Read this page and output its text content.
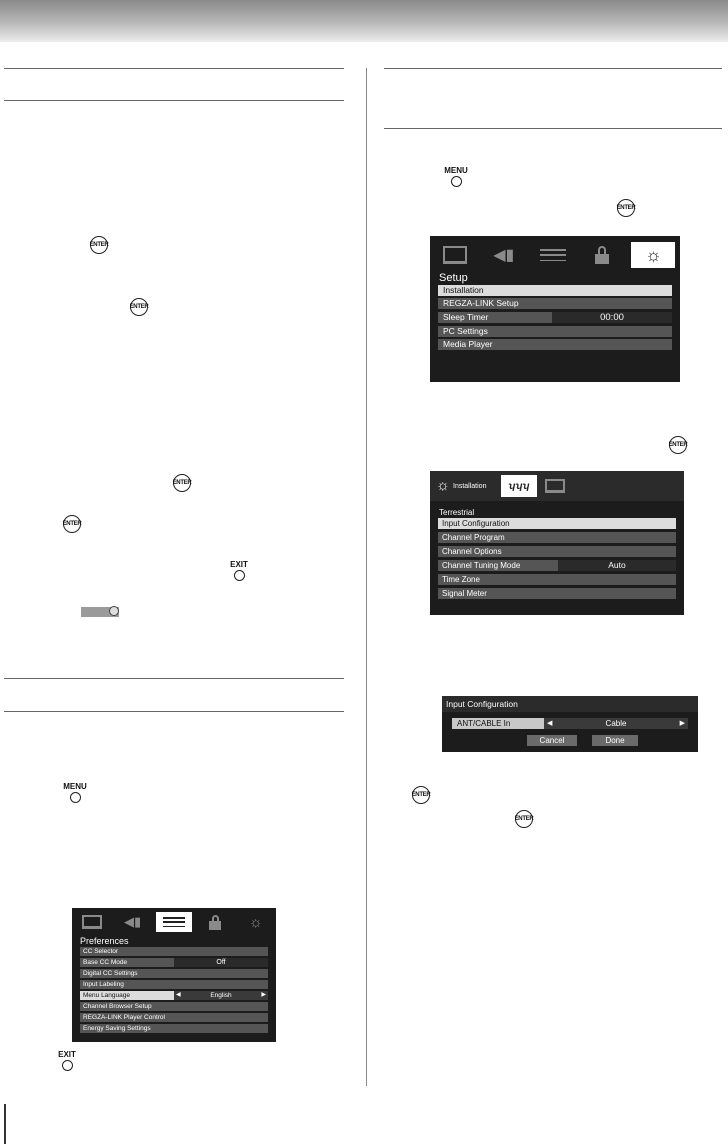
ENTER
ENTER
ENTER
ENTER
EXIT
MENU
EXIT
MENU
ENTER
ENTER
ENTER
ENTER
◀▮	☼
Setup
Installation
REGZA-LINK Setup
Sleep Timer	00:00
PC Settings
Media Player
☼ Installation	ʮʮʮ
Terrestrial
Input Configuration
Channel Program
Channel Options
Channel Tuning Mode	Auto
Time Zone
Signal Meter
Input Configuration
ANT/CABLE In	◀	Cable	▶
Cancel	Done
◀▮	☼
Preferences
CC Selector
Base CC Mode	Off
Digital CC Settings
Input Labeling
Menu Language	◀	English	▶
Channel Browser Setup
REGZA-LINK Player Control
Energy Saving Settings
